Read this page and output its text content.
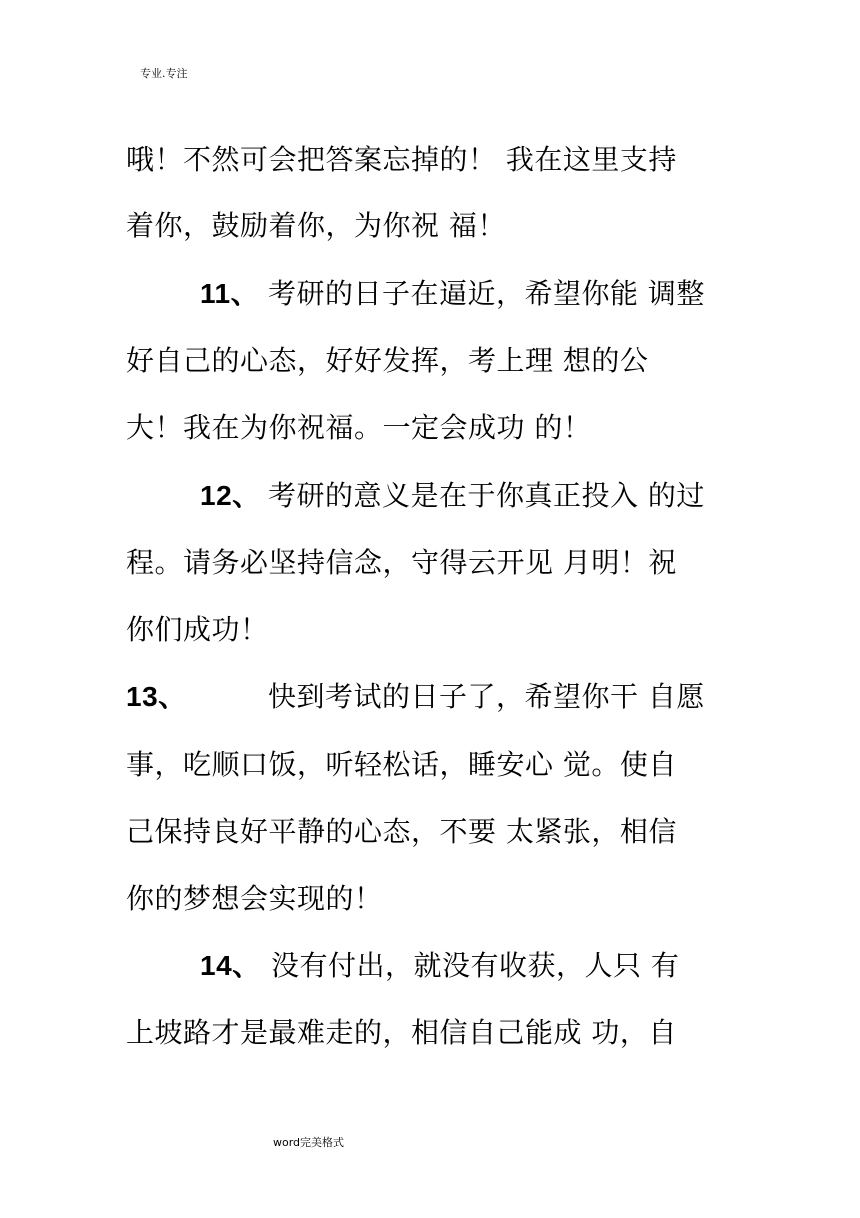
专业.专注
哦！不然可会把答案忘掉的！ 我在这里支持
着你，鼓励着你，为你祝 福！
11、 考研的日子在逼近，希望你能 调整
好自己的心态，好好发挥，考上理 想的公
大！我在为你祝福。一定会成功 的！
12、 考研的意义是在于你真正投入 的过
程。请务必坚持信念，守得云开见 月明！祝
你们成功！
13、	快到考试的日子了，希望你干 自愿
事，吃顺口饭，听轻松话，睡安心 觉。使自
己保持良好平静的心态，不要 太紧张，相信
你的梦想会实现的！
14、 没有付出，就没有收获，人只 有
上坡路才是最难走的，相信自己能成 功，自
word完美格式
